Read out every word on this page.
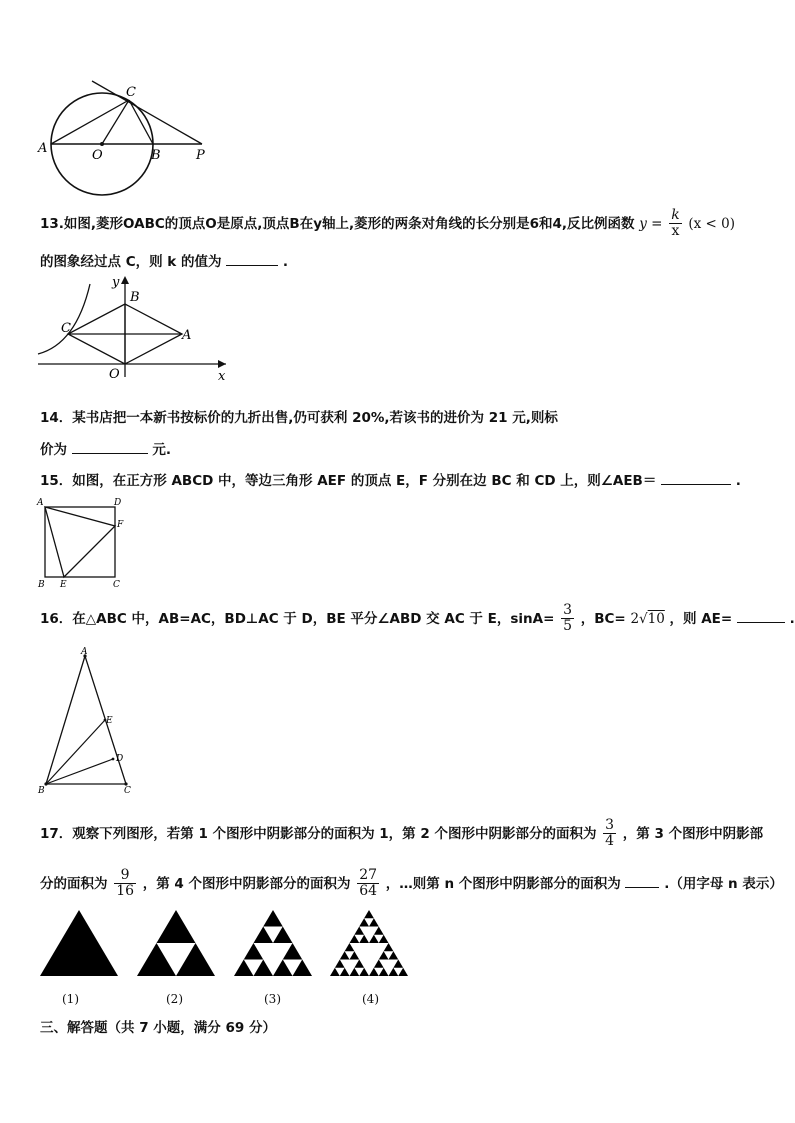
A	O	B	P
C
13.如图,菱形OABC的顶点O是原点,顶点B在y轴上,菱形的两条对角线的长分别是6和4,反比例函数 $y = \frac{k}{x} (x < 0)$
的图象经过点 C，则 k 的值为	.
y
B
C	A
O	x
14．某书店把一本新书按标价的九折出售,仍可获利 20%,若该书的进价为 21 元,则标
价为	元.
15．如图，在正方形 ABCD 中，等边三角形 AEF 的顶点 E，F 分别在边 BC 和 CD 上，则∠AEB＝	.
A	D
F
B E	C
16．在△ABC 中，AB=AC，BD⊥AC 于 D，BE 平分∠ABD 交 AC 于 E，$\sin A= \frac{3}{5}$ ，BC= 2√10 ，则 AE=	.
A
E
D
B	C
17．观察下列图形，若第 1 个图形中阴影部分的面积为 1，第 2 个图形中阴影部分的面积为 $\frac{3}{4}$ ，第 3 个图形中阴影部
分的面积为 $\frac{9}{16}$ ，第 4 个图形中阴影部分的面积为 $\frac{27}{64}$ ，…则第 n 个图形中阴影部分的面积为	.（用字母 n 表示）
(1)	(2)	(3)	(4)
三、解答题（共 7 小题，满分 69 分）
